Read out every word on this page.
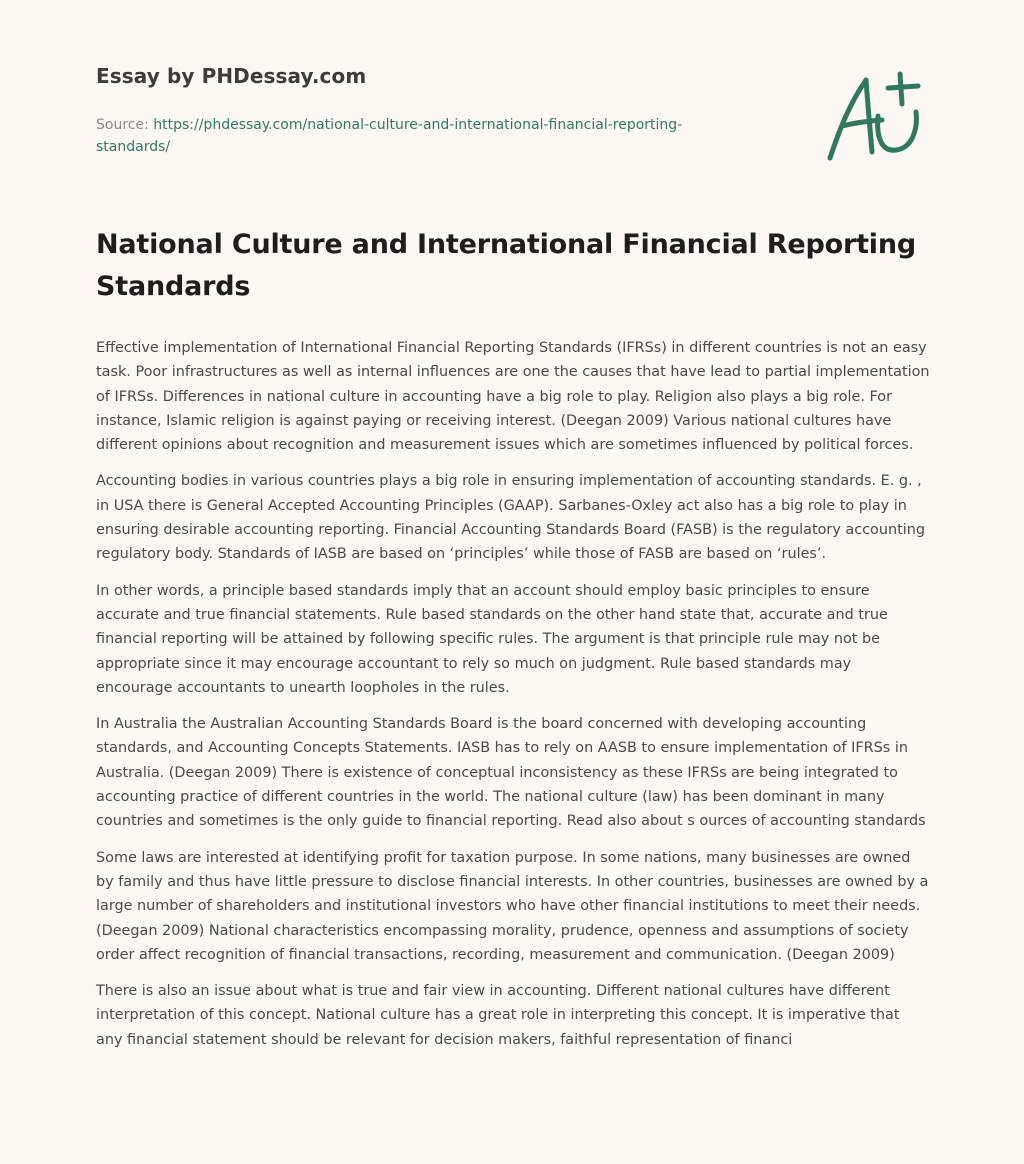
Essay by PHDessay.com
Source: https://phdessay.com/national-culture-and-international-financial-reporting-standards/
National Culture and International Financial Reporting Standards

Effective implementation of International Financial Reporting Standards (IFRSs) in different countries is not an easy task. Poor infrastructures as well as internal influences are one the causes that have lead to partial implementation of IFRSs. Differences in national culture in accounting have a big role to play. Religion also plays a big role. For instance, Islamic religion is against paying or receiving interest. (Deegan 2009) Various national cultures have different opinions about recognition and measurement issues which are sometimes influenced by political forces.

Accounting bodies in various countries plays a big role in ensuring implementation of accounting standards. E. g. , in USA there is General Accepted Accounting Principles (GAAP). Sarbanes-Oxley act also has a big role to play in ensuring desirable accounting reporting. Financial Accounting Standards Board (FASB) is the regulatory accounting regulatory body. Standards of IASB are based on ‘principles’ while those of FASB are based on ‘rules’.

In other words, a principle based standards imply that an account should employ basic principles to ensure accurate and true financial statements. Rule based standards on the other hand state that, accurate and true financial reporting will be attained by following specific rules. The argument is that principle rule may not be appropriate since it may encourage accountant to rely so much on judgment. Rule based standards may encourage accountants to unearth loopholes in the rules.

In Australia the Australian Accounting Standards Board is the board concerned with developing accounting standards, and Accounting Concepts Statements. IASB has to rely on AASB to ensure implementation of IFRSs in Australia. (Deegan 2009) There is existence of conceptual inconsistency as these IFRSs are being integrated to accounting practice of different countries in the world. The national culture (law) has been dominant in many countries and sometimes is the only guide to financial reporting. Read also about s ources of accounting standards

Some laws are interested at identifying profit for taxation purpose. In some nations, many businesses are owned by family and thus have little pressure to disclose financial interests. In other countries, businesses are owned by a large number of shareholders and institutional investors who have other financial institutions to meet their needs. (Deegan 2009) National characteristics encompassing morality, prudence, openness and assumptions of society order affect recognition of financial transactions, recording, measurement and communication. (Deegan 2009)

There is also an issue about what is true and fair view in accounting. Different national cultures have different interpretation of this concept. National culture has a great role in interpreting this concept. It is imperative that any financial statement should be relevant for decision makers, faithful representation of financi
